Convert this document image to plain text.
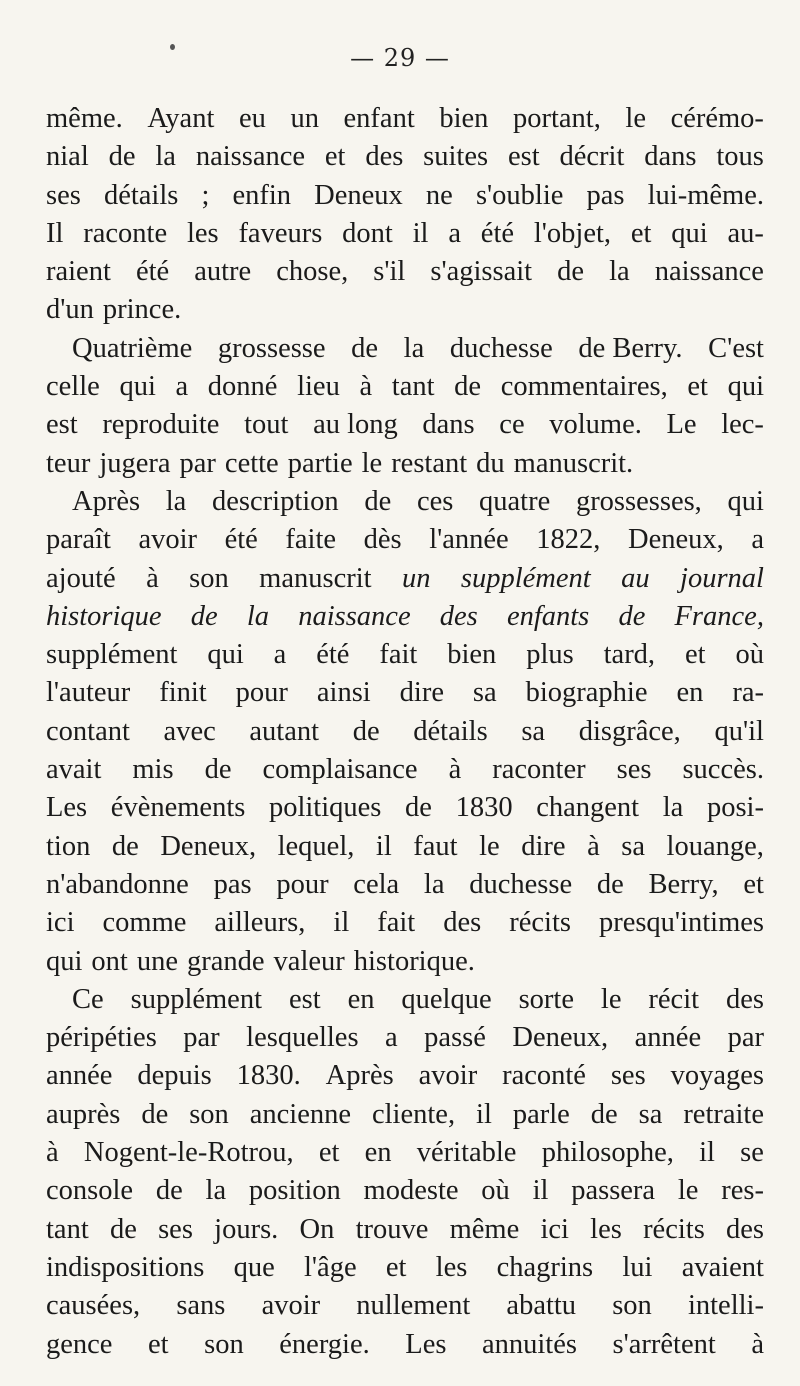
— 29 —
même. Ayant eu un enfant bien portant, le cérémo-
nial de la naissance et des suites est décrit dans tous
ses détails ; enfin Deneux ne s'oublie pas lui-même.
Il raconte les faveurs dont il a été l'objet, et qui au-
raient été autre chose, s'il s'agissait de la naissance
d'un prince.
Quatrième grossesse de la duchesse de Berry. C'est
celle qui a donné lieu à tant de commentaires, et qui
est reproduite tout au long dans ce volume. Le lec-
teur jugera par cette partie le restant du manuscrit.
Après la description de ces quatre grossesses, qui
paraît avoir été faite dès l'année 1822, Deneux, a
ajouté à son manuscrit un supplément au journal
historique de la naissance des enfants de France,
supplément qui a été fait bien plus tard, et où
l'auteur finit pour ainsi dire sa biographie en ra-
contant avec autant de détails sa disgrâce, qu'il
avait mis de complaisance à raconter ses succès.
Les évènements politiques de 1830 changent la posi-
tion de Deneux, lequel, il faut le dire à sa louange,
n'abandonne pas pour cela la duchesse de Berry, et
ici comme ailleurs, il fait des récits presqu'intimes
qui ont une grande valeur historique.
Ce supplément est en quelque sorte le récit des
péripéties par lesquelles a passé Deneux, année par
année depuis 1830. Après avoir raconté ses voyages
auprès de son ancienne cliente, il parle de sa retraite
à Nogent-le-Rotrou, et en véritable philosophe, il se
console de la position modeste où il passera le res-
tant de ses jours. On trouve même ici les récits des
indispositions que l'âge et les chagrins lui avaient
causées, sans avoir nullement abattu son intelli-
gence et son énergie. Les annuités s'arrêtent à
